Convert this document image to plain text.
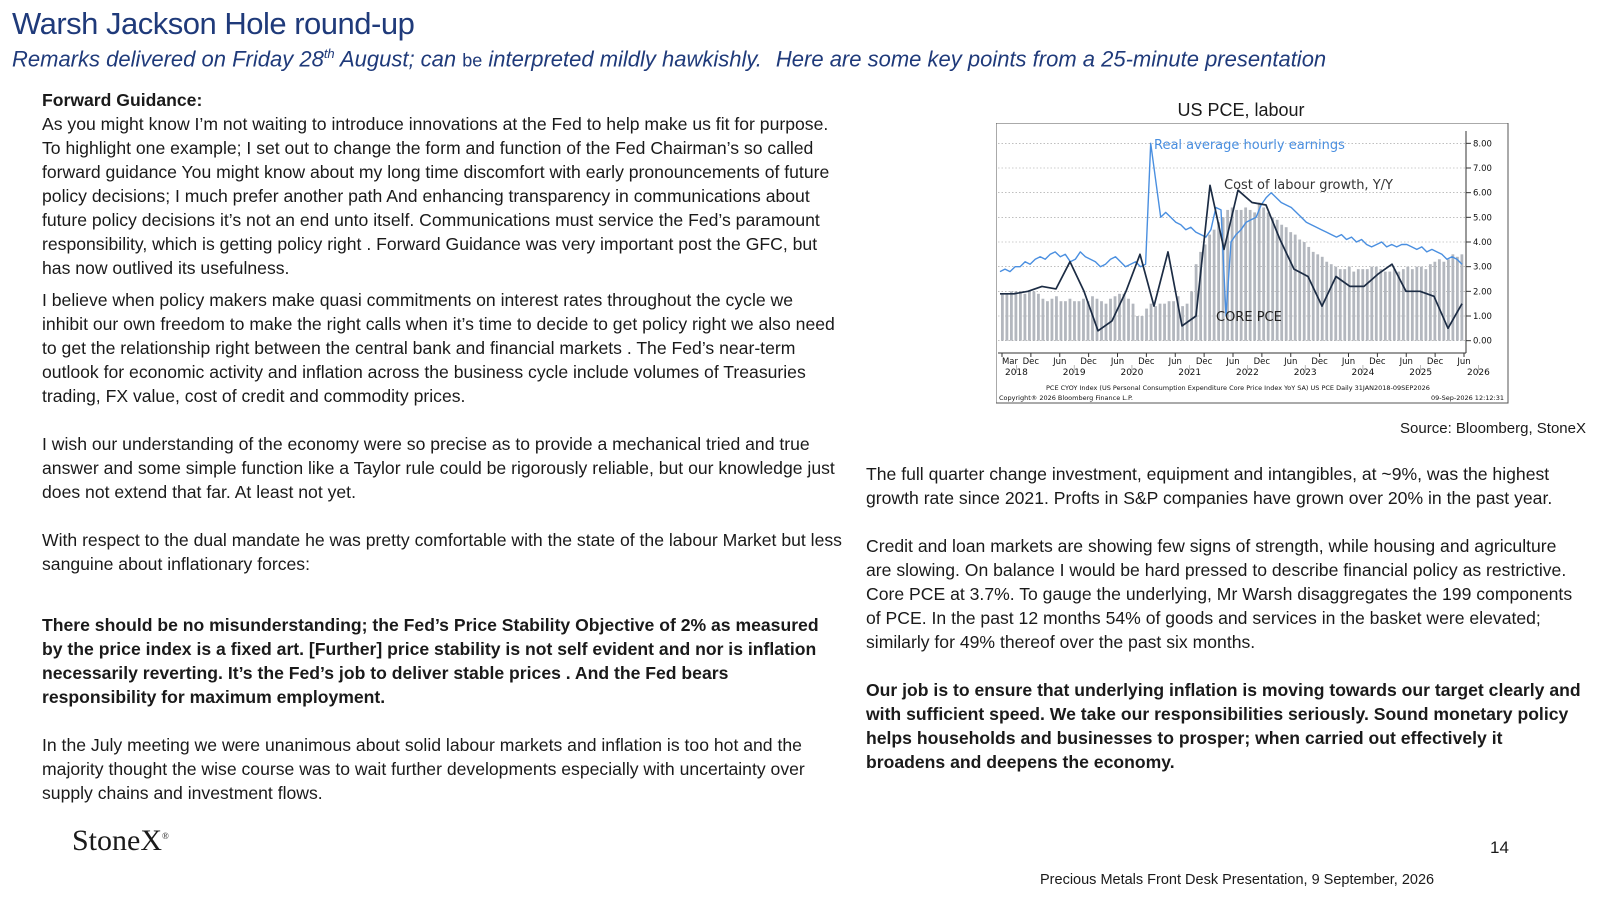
Warsh Jackson Hole round-up
Remarks delivered on Friday 28th August; can be interpreted mildly hawkishly. Here are some key points from a 25-minute presentation

Forward Guidance:

As you might know I’m not waiting to introduce innovations at the Fed to help make us fit for purpose. To highlight one example; I set out to change the form and function of the Fed Chairman’s so called forward guidance You might know about my long time discomfort with early pronouncements of future policy decisions; I much prefer another path And enhancing transparency in communications about future policy decisions it’s not an end unto itself. Communications must service the Fed’s paramount responsibility, which is getting policy right . Forward Guidance was very important post the GFC, but has now outlived its usefulness.

I believe when policy makers make quasi commitments on interest rates throughout the cycle we inhibit our own freedom to make the right calls when it’s time to decide to get policy right we also need to get the relationship right between the central bank and financial markets . The Fed’s near-term outlook for economic activity and inflation across the business cycle include volumes of Treasuries trading, FX value, cost of credit and commodity prices.

I wish our understanding of the economy were so precise as to provide a mechanical tried and true answer and some simple function like a Taylor rule could be rigorously reliable, but our knowledge just does not extend that far. At least not yet.

With respect to the dual mandate he was pretty comfortable with the state of the labour Market but less sanguine about inflationary forces:

There should be no misunderstanding; the Fed’s Price Stability Objective of 2% as measured by the price index is a fixed art. [Further] price stability is not self evident and nor is inflation necessarily reverting. It’s the Fed’s job to deliver stable prices . And the Fed bears responsibility for maximum employment.

In the July meeting we were unanimous about solid labour markets and inflation is too hot and the majority thought the wise course was to wait further developments especially with uncertainty over supply chains and investment flows.

US PCE, labour
8.00
7.00
6.00
5.00
4.00
3.00
2.00
1.00
0.00
Mar Dec Jun Dec Jun Dec Jun Dec Jun Dec Jun Dec Jun Dec Jun Dec Jun
2018	2019	2020	2021	2022	2023	2024	2025	2026
Real average hourly earnings
Cost of labour growth, Y/Y
CORE PCE
PCE CYOY Index (US Personal Consumption Expenditure Core Price Index YoY SA) US PCE Daily 31JAN2018-09SEP2026
Copyright® 2026 Bloomberg Finance L.P.	09-Sep-2026 12:12:31
Source: Bloomberg, StoneX

The full quarter change investment, equipment and intangibles, at ~9%, was the highest growth rate since 2021. Profts in S&P companies have grown over 20% in the past year.

Credit and loan markets are showing few signs of strength, while housing and agriculture are slowing. On balance I would be hard pressed to describe financial policy as restrictive. Core PCE at 3.7%. To gauge the underlying, Mr Warsh disaggregates the 199 components of PCE. In the past 12 months 54% of goods and services in the basket were elevated; similarly for 49% thereof over the past six months.

Our job is to ensure that underlying inflation is moving towards our target clearly and with sufficient speed. We take our responsibilities seriously. Sound monetary policy helps households and businesses to prosper; when carried out effectively it broadens and deepens the economy.

StoneX®
14
Precious Metals Front Desk Presentation, 9 September, 2026
